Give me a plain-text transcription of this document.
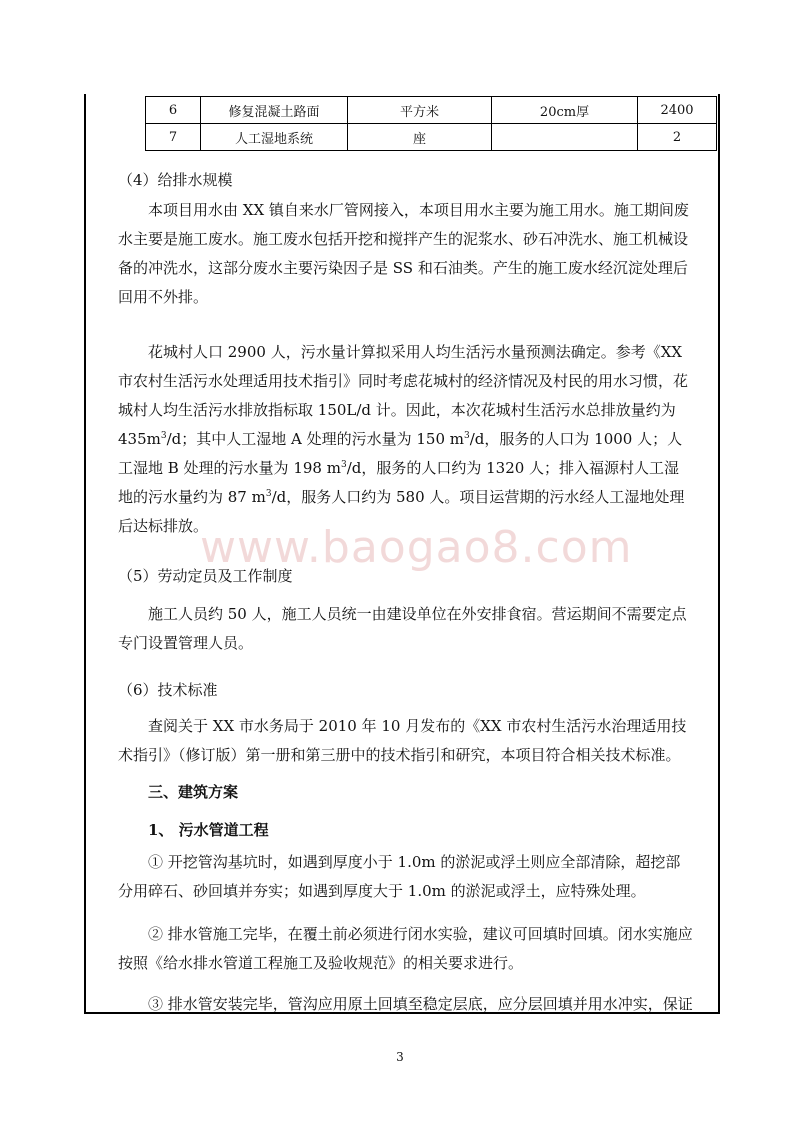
6	修复混凝土路面	平方米	20cm厚	2400
7	人工湿地系统	座		2

（4）给排水规模

本项目用水由 XX 镇自来水厂管网接入，本项目用水主要为施工用水。施工期间废水主要是施工废水。施工废水包括开挖和搅拌产生的泥浆水、砂石冲洗水、施工机械设备的冲洗水，这部分废水主要污染因子是 SS 和石油类。产生的施工废水经沉淀处理后回用不外排。

花城村人口 2900 人，污水量计算拟采用人均生活污水量预测法确定。参考《XX 市农村生活污水处理适用技术指引》同时考虑花城村的经济情况及村民的用水习惯，花城村人均生活污水排放指标取 150L/d 计。因此，本次花城村生活污水总排放量约为 $435m^3/d$；其中人工湿地 A 处理的污水量为 150 $m^3/d$，服务的人口为 1000 人；人工湿地 B 处理的污水量为 198 $m^3/d$，服务的人口约为 1320 人；排入福源村人工湿地的污水量约为 87 $m^3/d$，服务人口约为 580 人。项目运营期的污水经人工湿地处理后达标排放。

www.baogao8.com

（5）劳动定员及工作制度

施工人员约 50 人，施工人员统一由建设单位在外安排食宿。营运期间不需要定点专门设置管理人员。

（6）技术标准

查阅关于 XX 市水务局于 2010 年 10 月发布的《XX 市农村生活污水治理适用技术指引》（修订版）第一册和第三册中的技术指引和研究，本项目符合相关技术标准。

三、建筑方案

1、 污水管道工程

① 开挖管沟基坑时，如遇到厚度小于 1.0m 的淤泥或浮土则应全部清除，超挖部分用碎石、砂回填并夯实；如遇到厚度大于 1.0m 的淤泥或浮土，应特殊处理。

② 排水管施工完毕，在覆土前必须进行闭水实验，建议可回填时回填。闭水实施应按照《给水排水管道工程施工及验收规范》的相关要求进行。

③ 排水管安装完毕，管沟应用原土回填至稳定层底，应分层回填并用水冲实，保证

3
